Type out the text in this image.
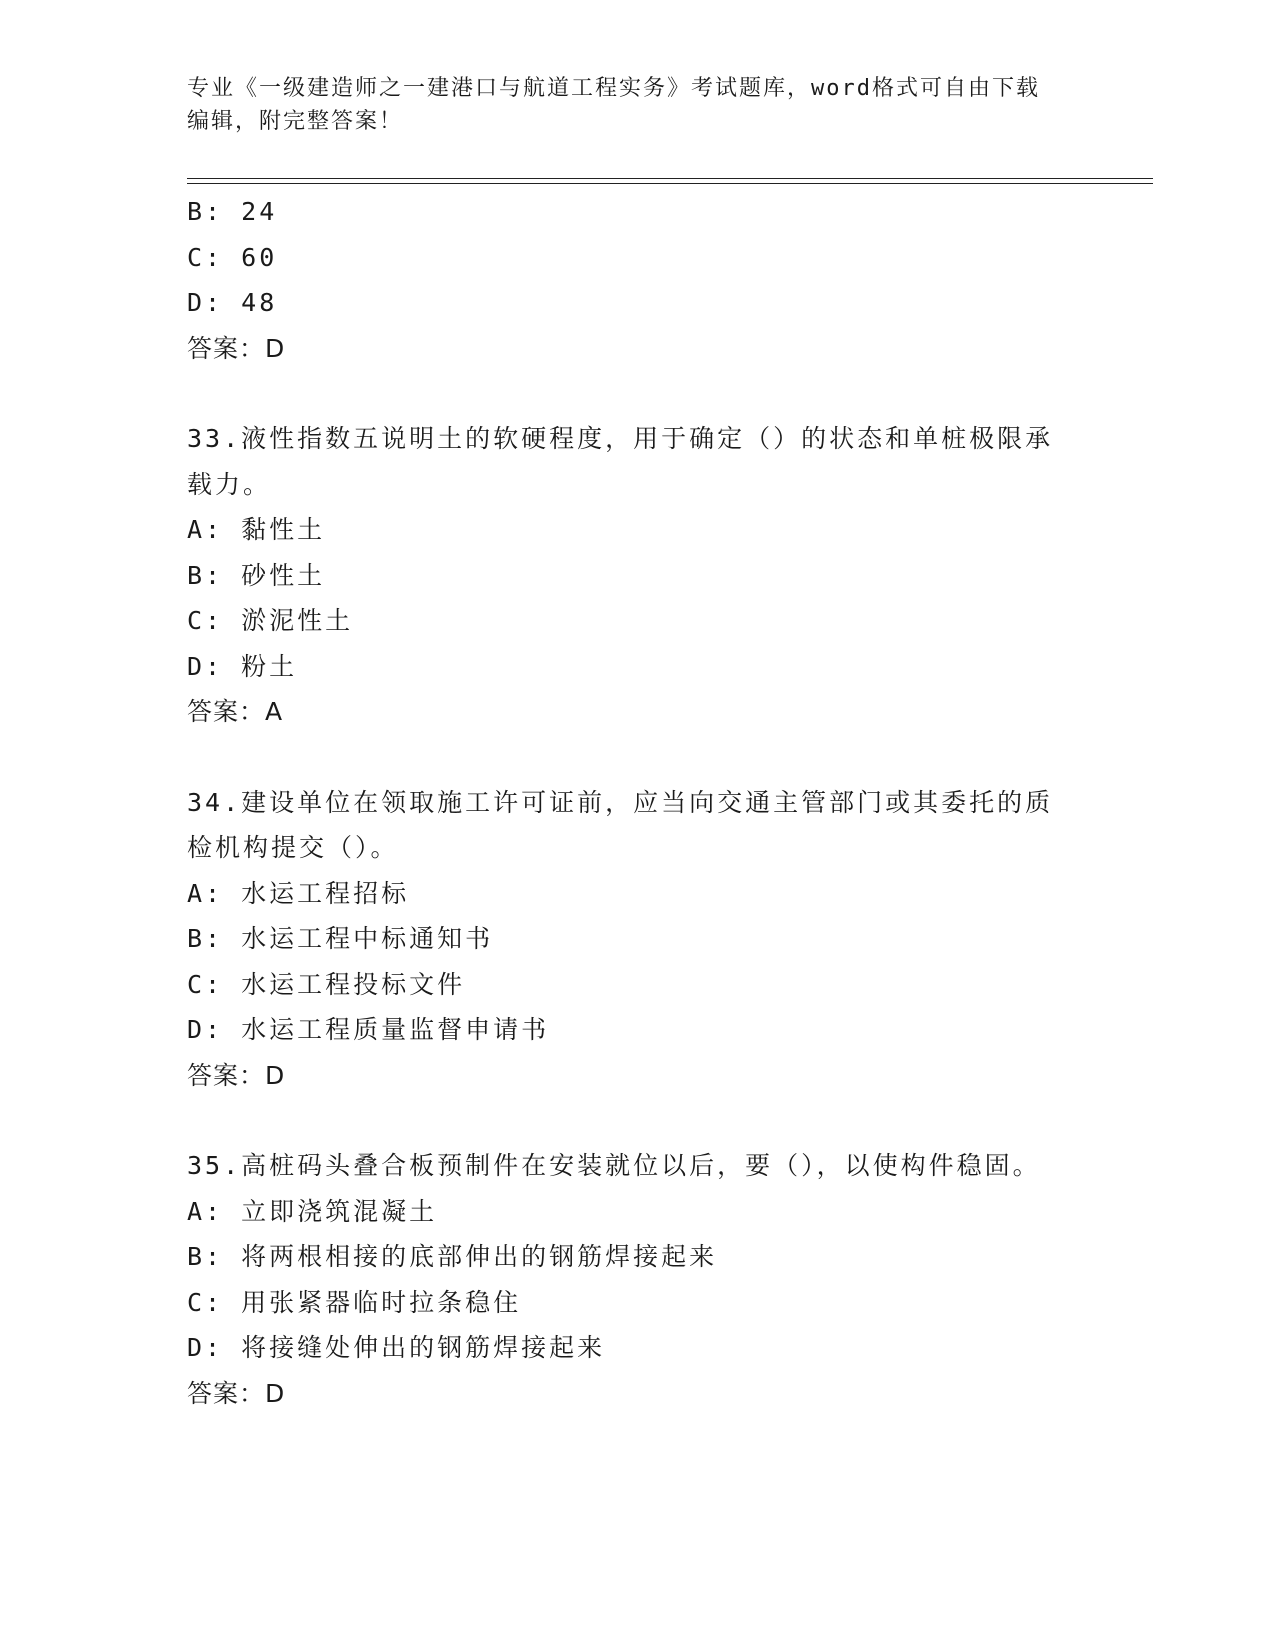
专业《一级建造师之一建港口与航道工程实务》考试题库，word格式可自由下载
编辑，附完整答案！
B: 24
C: 60
D: 48
答案：D
33.液性指数五说明土的软硬程度，用于确定（）的状态和单桩极限承
载力。
A: 黏性土
B: 砂性土
C: 淤泥性土
D: 粉土
答案：A
34.建设单位在领取施工许可证前，应当向交通主管部门或其委托的质
检机构提交（）。
A: 水运工程招标
B: 水运工程中标通知书
C: 水运工程投标文件
D: 水运工程质量监督申请书
答案：D
35.高桩码头叠合板预制件在安装就位以后，要（），以使构件稳固。
A: 立即浇筑混凝土
B: 将两根相接的底部伸出的钢筋焊接起来
C: 用张紧器临时拉条稳住
D: 将接缝处伸出的钢筋焊接起来
答案：D
